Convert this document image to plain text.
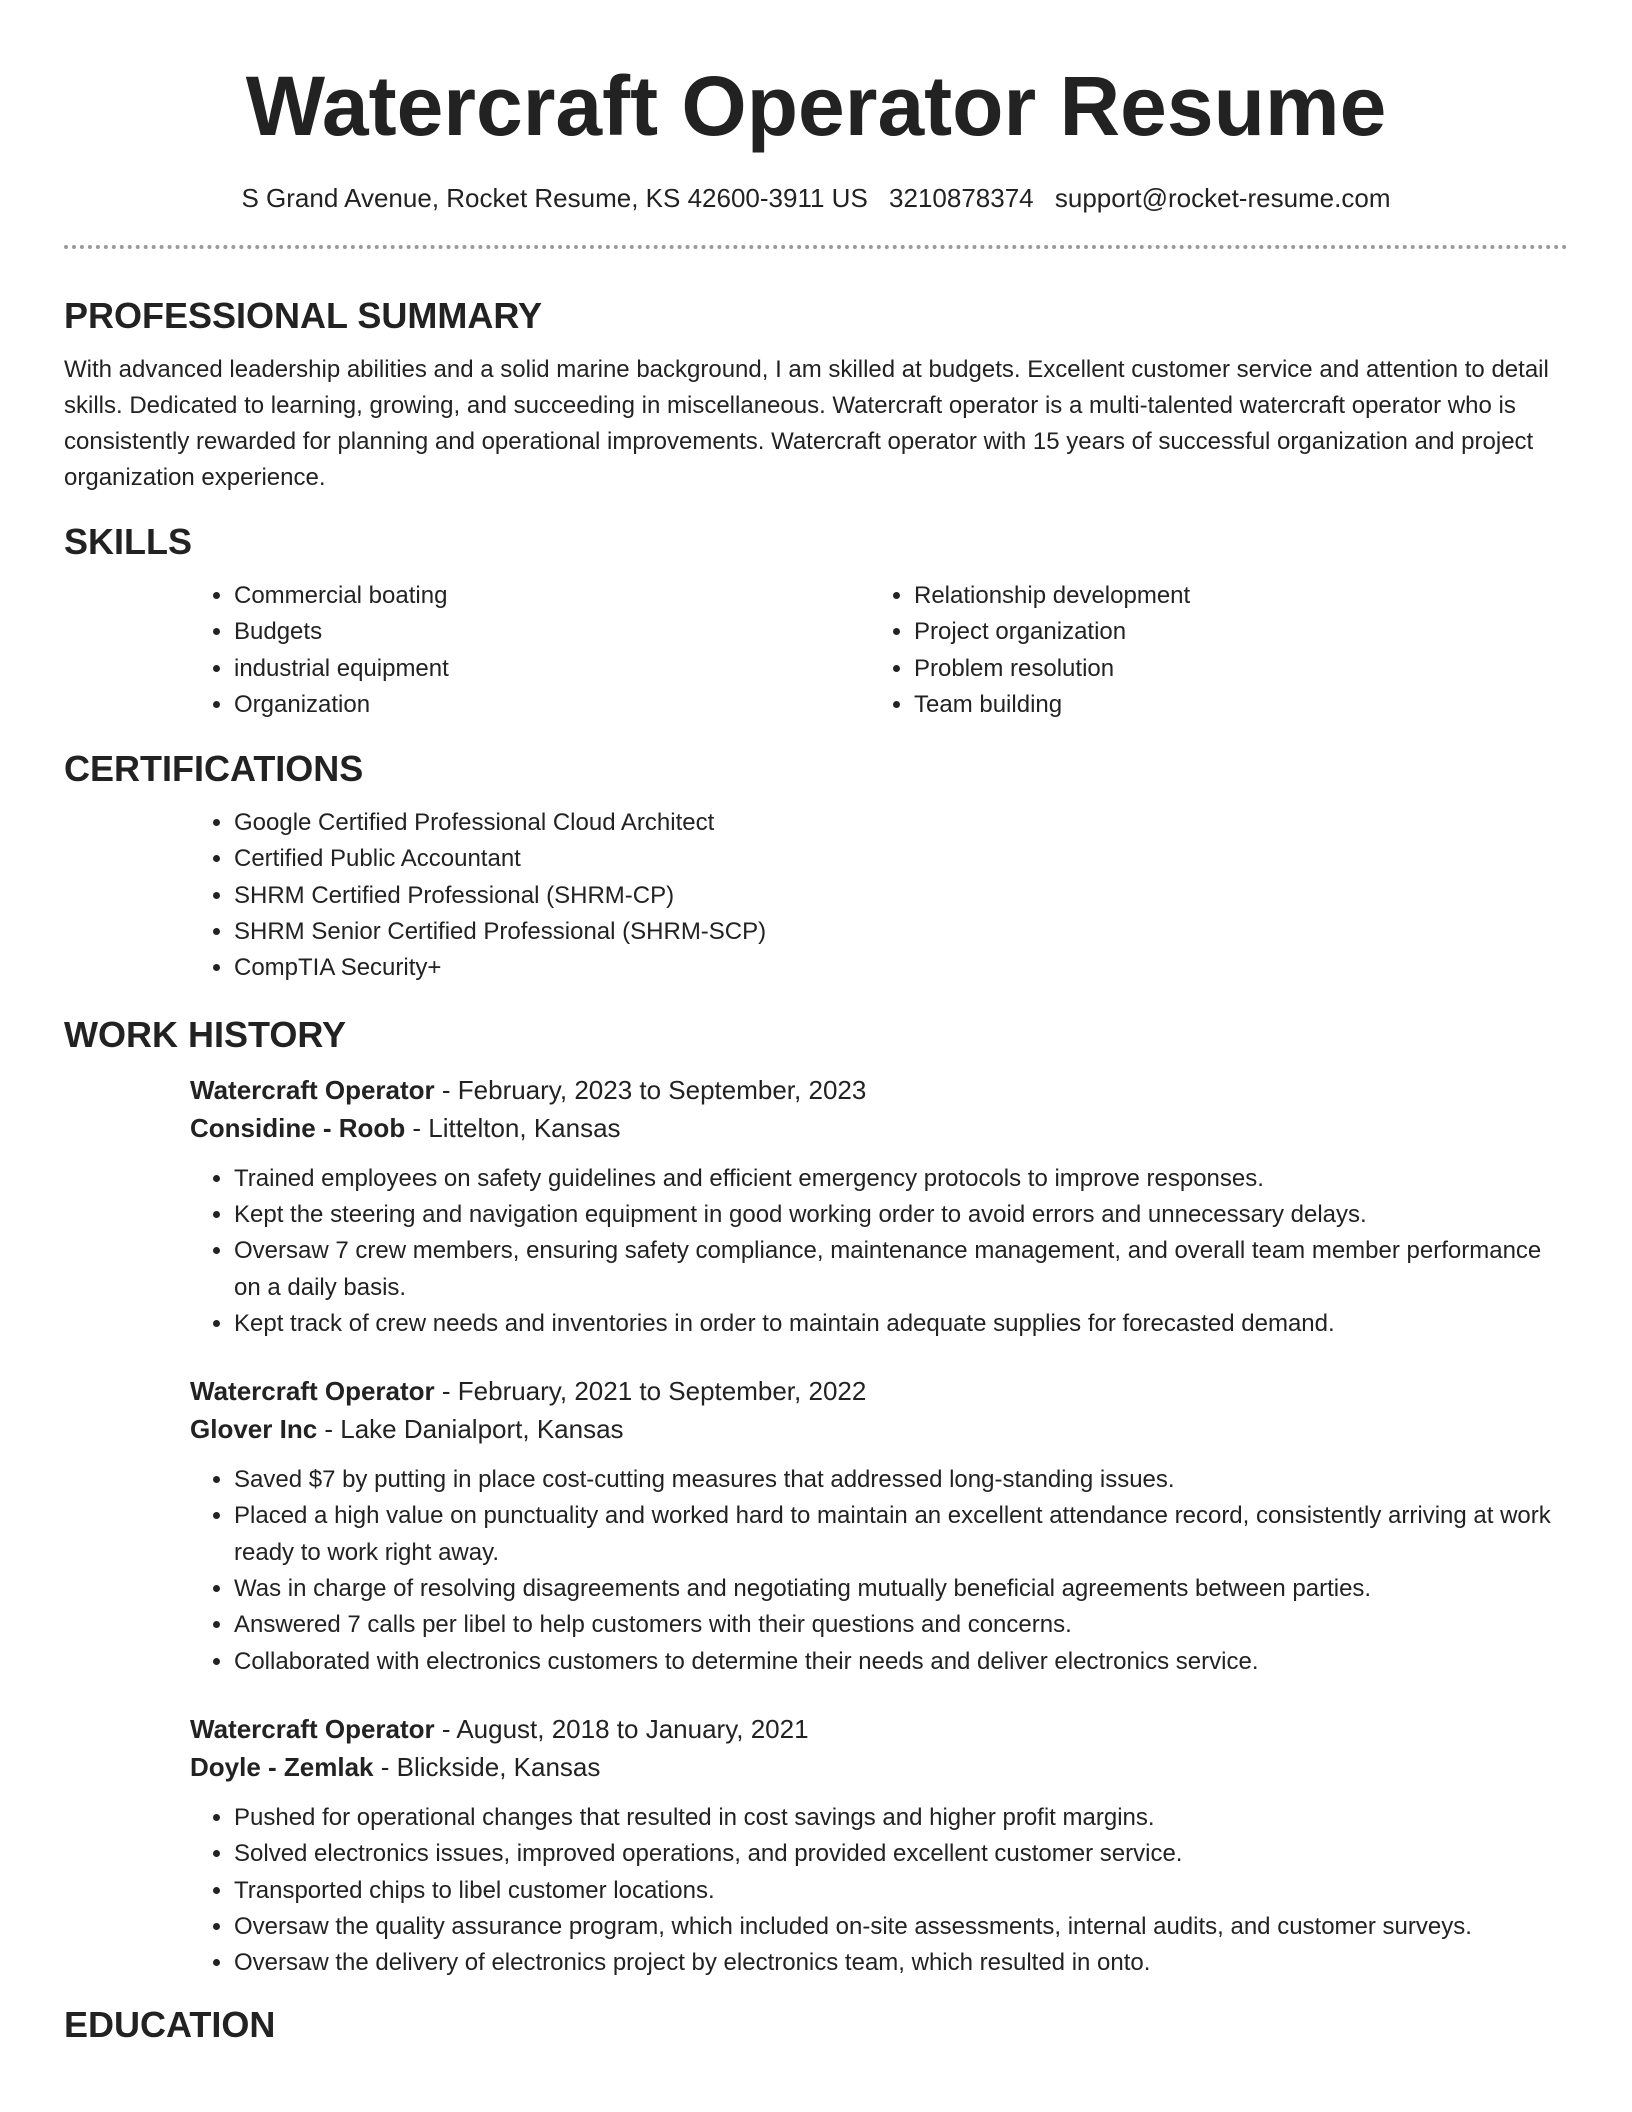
Watercraft Operator Resume
S Grand Avenue, Rocket Resume, KS 42600-3911 US 3210878374 support@rocket-resume.com
PROFESSIONAL SUMMARY

With advanced leadership abilities and a solid marine background, I am skilled at budgets. Excellent customer service and attention to detail skills. Dedicated to learning, growing, and succeeding in miscellaneous. Watercraft operator is a multi-talented watercraft operator who is consistently rewarded for planning and operational improvements. Watercraft operator with 15 years of successful organization and project organization experience.

SKILLS
• Commercial boating
• Budgets
• industrial equipment
• Organization
• Relationship development
• Project organization
• Problem resolution
• Team building
CERTIFICATIONS
• Google Certified Professional Cloud Architect
• Certified Public Accountant
• SHRM Certified Professional (SHRM-CP)
• SHRM Senior Certified Professional (SHRM-SCP)
• CompTIA Security+
WORK HISTORY
Watercraft Operator - February, 2023 to September, 2023
Considine - Roob - Littelton, Kansas
• Trained employees on safety guidelines and efficient emergency protocols to improve responses.
• Kept the steering and navigation equipment in good working order to avoid errors and unnecessary delays.
• Oversaw 7 crew members, ensuring safety compliance, maintenance management, and overall team member performance on a daily basis.
• Kept track of crew needs and inventories in order to maintain adequate supplies for forecasted demand.
Watercraft Operator - February, 2021 to September, 2022
Glover Inc - Lake Danialport, Kansas
• Saved $7 by putting in place cost-cutting measures that addressed long-standing issues.
• Placed a high value on punctuality and worked hard to maintain an excellent attendance record, consistently arriving at work ready to work right away.
• Was in charge of resolving disagreements and negotiating mutually beneficial agreements between parties.
• Answered 7 calls per libel to help customers with their questions and concerns.
• Collaborated with electronics customers to determine their needs and deliver electronics service.
Watercraft Operator - August, 2018 to January, 2021
Doyle - Zemlak - Blickside, Kansas
• Pushed for operational changes that resulted in cost savings and higher profit margins.
• Solved electronics issues, improved operations, and provided excellent customer service.
• Transported chips to libel customer locations.
• Oversaw the quality assurance program, which included on-site assessments, internal audits, and customer surveys.
• Oversaw the delivery of electronics project by electronics team, which resulted in onto.
EDUCATION
